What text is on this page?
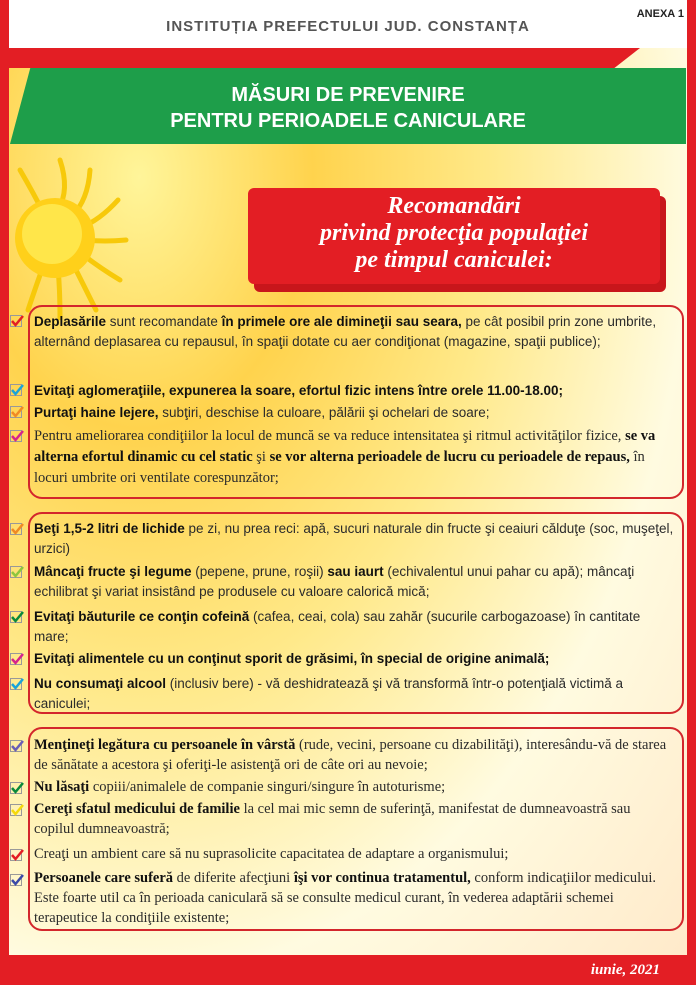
INSTITUȚIA PREFECTULUI JUD. CONSTANȚA
ANEXA 1
MĂSURI DE PREVENIRE
PENTRU PERIOADELE CANICULARE
Recomandări
privind protecţia populaţiei
pe timpul caniculei:
Deplasările sunt recomandate în primele ore ale dimineţii sau seara, pe cât posibil prin zone umbrite, alternând deplasarea cu repausul, în spaţii dotate cu aer condiţionat (magazine, spaţii publice);
Evitaţi aglomeraţiile, expunerea la soare, efortul fizic intens între orele 11.00-18.00;
Purtaţi haine lejere, subţiri, deschise la culoare, pălării şi ochelari de soare;
Pentru ameliorarea condiţiilor la locul de muncă se va reduce intensitatea şi ritmul activităţilor fizice, se va alterna efortul dinamic cu cel static şi se vor alterna perioadele de lucru cu perioadele de repaus, în locuri umbrite ori ventilate corespunzător;
Beţi 1,5-2 litri de lichide pe zi, nu prea reci: apă, sucuri naturale din fructe şi ceaiuri călduţe (soc, muşeţel, urzici)
Mâncaţi fructe şi legume (pepene, prune, roşii) sau iaurt (echivalentul unui pahar cu apă); mâncaţi echilibrat şi variat insistând pe produsele cu valoare calorică mică;
Evitaţi băuturile ce conţin cofeină (cafea, ceai, cola) sau zahăr (sucurile carbogazoase) în cantitate mare;
Evitaţi alimentele cu un conţinut sporit de grăsimi, în special de origine animală;
Nu consumaţi alcool (inclusiv bere) - vă deshidratează şi vă transformă într-o potenţială victimă a caniculei;
Menţineţi legătura cu persoanele în vârstă (rude, vecini, persoane cu dizabilităţi), interesându-vă de starea de sănătate a acestora şi oferiţi-le asistenţă ori de câte ori au nevoie;
Nu lăsaţi copiii/animalele de companie singuri/singure în autoturisme;
Cereţi sfatul medicului de familie la cel mai mic semn de suferinţă, manifestat de dumneavoastră sau copilul dumneavoastră;
Creaţi un ambient care să nu suprasolicite capacitatea de adaptare a organismului;
Persoanele care suferă de diferite afecţiuni îşi vor continua tratamentul, conform indicaţiilor medicului. Este foarte util ca în perioada caniculară să se consulte medicul curant, în vederea adaptării schemei terapeutice la condiţiile existente;
iunie, 2021
